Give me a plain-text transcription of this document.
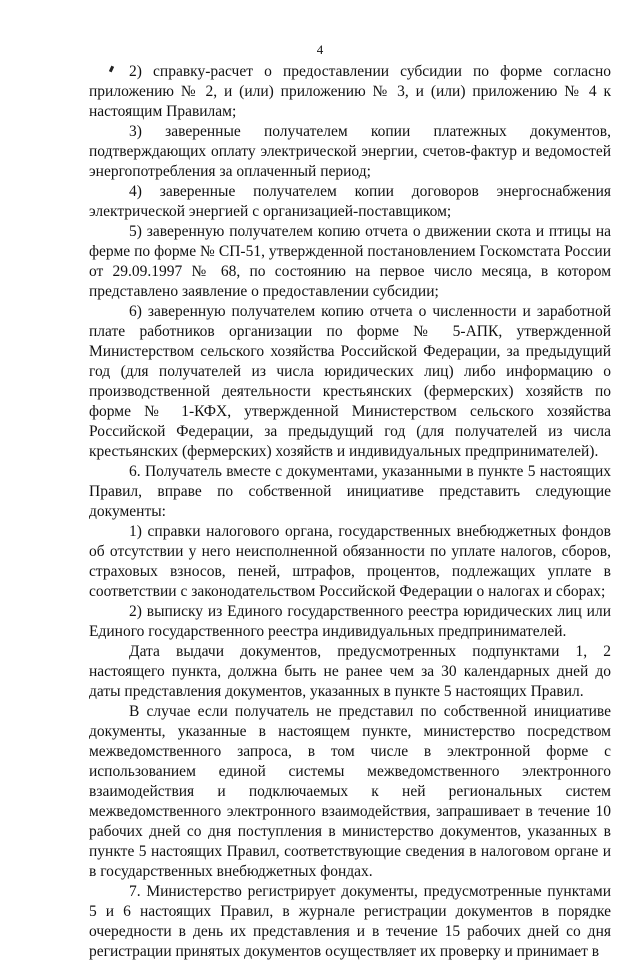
4

2) справку-расчет о предоставлении субсидии по форме согласно приложению № 2, и (или) приложению № 3, и (или) приложению № 4 к настоящим Правилам;

3) заверенные получателем копии платежных документов, подтверждающих оплату электрической энергии, счетов-фактур и ведомостей энергопотребления за оплаченный период;

4) заверенные получателем копии договоров энергоснабжения электрической энергией с организацией-поставщиком;

5) заверенную получателем копию отчета о движении скота и птицы на ферме по форме № СП-51, утвержденной постановлением Госкомстата России от 29.09.1997 № 68, по состоянию на первое число месяца, в котором представлено заявление о предоставлении субсидии;

6) заверенную получателем копию отчета о численности и заработной плате работников организации по форме № 5-АПК, утвержденной Министерством сельского хозяйства Российской Федерации, за предыдущий год (для получателей из числа юридических лиц) либо информацию о производственной деятельности крестьянских (фермерских) хозяйств по форме № 1-КФХ, утвержденной Министерством сельского хозяйства Российской Федерации, за предыдущий год (для получателей из числа крестьянских (фермерских) хозяйств и индивидуальных предпринимателей).

6. Получатель вместе с документами, указанными в пункте 5 настоящих Правил, вправе по собственной инициативе представить следующие документы:

1) справки налогового органа, государственных внебюджетных фондов об отсутствии у него неисполненной обязанности по уплате налогов, сборов, страховых взносов, пеней, штрафов, процентов, подлежащих уплате в соответствии с законодательством Российской Федерации о налогах и сборах;

2) выписку из Единого государственного реестра юридических лиц или Единого государственного реестра индивидуальных предпринимателей.

Дата выдачи документов, предусмотренных подпунктами 1, 2 настоящего пункта, должна быть не ранее чем за 30 календарных дней до даты представления документов, указанных в пункте 5 настоящих Правил.

В случае если получатель не представил по собственной инициативе документы, указанные в настоящем пункте, министерство посредством межведомственного запроса, в том числе в электронной форме с использованием единой системы межведомственного электронного взаимодействия и подключаемых к ней региональных систем межведомственного электронного взаимодействия, запрашивает в течение 10 рабочих дней со дня поступления в министерство документов, указанных в пункте 5 настоящих Правил, соответствующие сведения в налоговом органе и в государственных внебюджетных фондах.

7. Министерство регистрирует документы, предусмотренные пунктами 5 и 6 настоящих Правил, в журнале регистрации документов в порядке очередности в день их представления и в течение 15 рабочих дней со дня регистрации принятых документов осуществляет их проверку и принимает в
